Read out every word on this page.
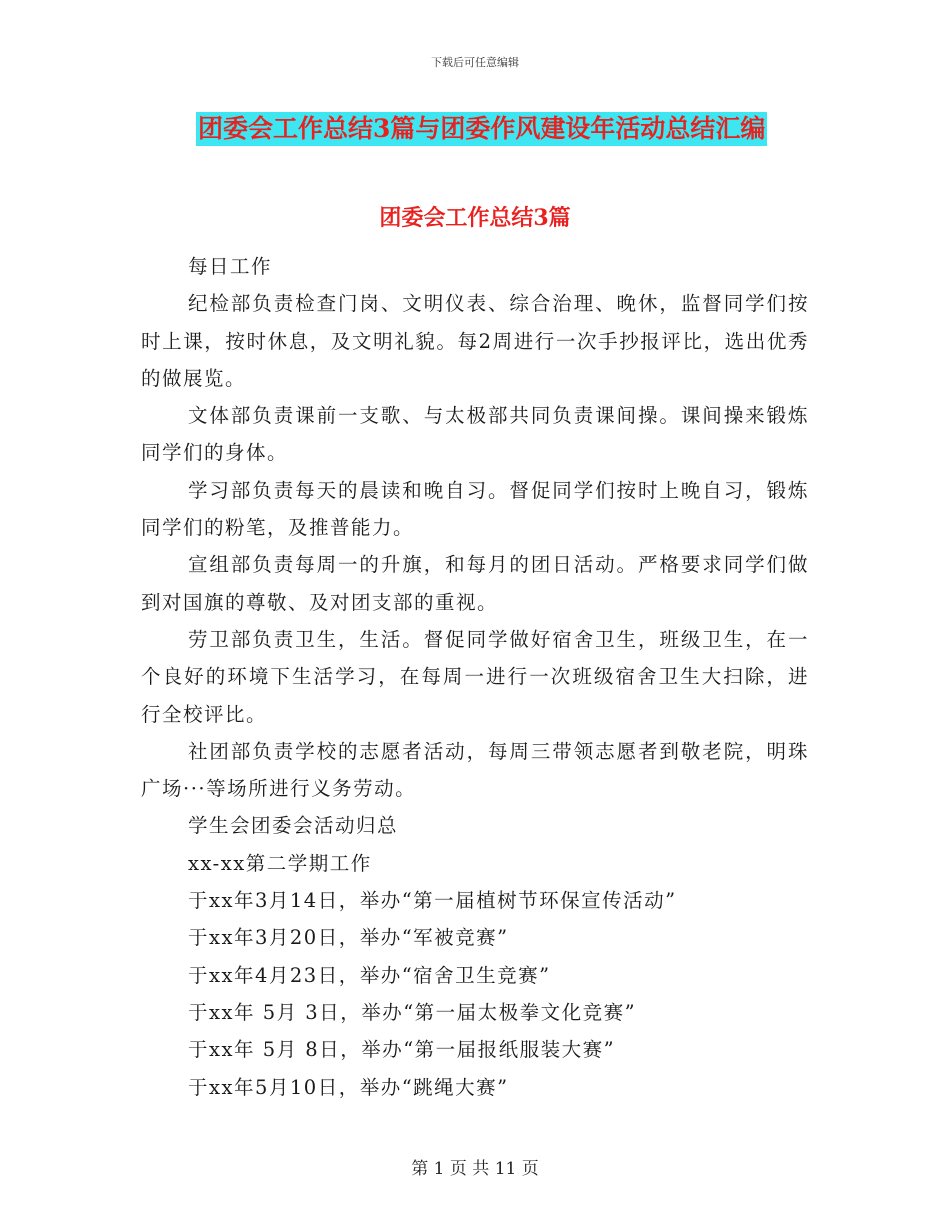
下载后可任意编辑
团委会工作总结3篇与团委作风建设年活动总结汇编
团委会工作总结3篇

每日工作

纪检部负责检查门岗、文明仪表、综合治理、晚休，监督同学们按时上课，按时休息，及文明礼貌。每2周进行一次手抄报评比，选出优秀的做展览。

文体部负责课前一支歌、与太极部共同负责课间操。课间操来锻炼同学们的身体。

学习部负责每天的晨读和晚自习。督促同学们按时上晚自习，锻炼同学们的粉笔，及推普能力。

宣组部负责每周一的升旗，和每月的团日活动。严格要求同学们做到对国旗的尊敬、及对团支部的重视。

劳卫部负责卫生，生活。督促同学做好宿舍卫生，班级卫生，在一个良好的环境下生活学习，在每周一进行一次班级宿舍卫生大扫除，进行全校评比。

社团部负责学校的志愿者活动，每周三带领志愿者到敬老院，明珠广场···等场所进行义务劳动。

学生会团委会活动归总

xx-xx第二学期工作

于xx年3月14日，举办“第一届植树节环保宣传活动”

于xx年3月20日，举办“军被竞赛”

于xx年4月23日，举办“宿舍卫生竞赛”

于xx年 5月 3日，举办“第一届太极拳文化竞赛”

于xx年 5月 8日，举办“第一届报纸服装大赛”

于xx年5月10日，举办“跳绳大赛”

第 1 页 共 11 页
